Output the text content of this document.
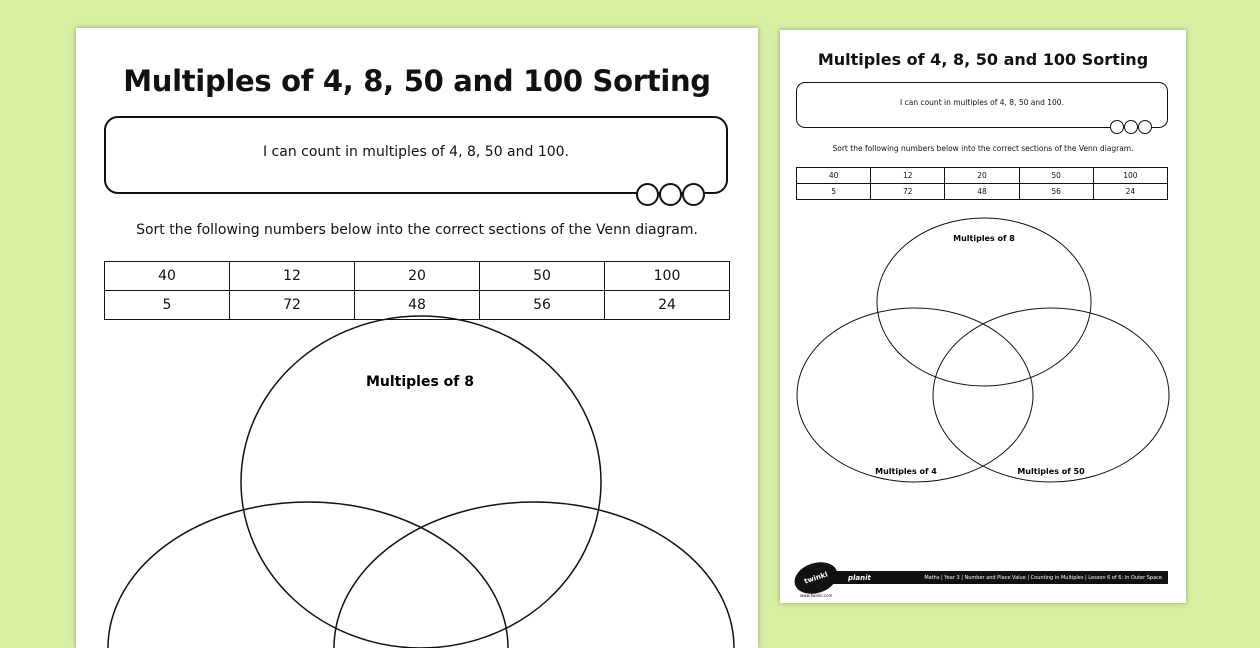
Multiples of 4, 8, 50 and 100 Sorting
I can count in multiples of 4, 8, 50 and 100.
Sort the following numbers below into the correct sections of the Venn diagram.
40	12	20	50	100
5	72	48	56	24
Multiples of 8
Multiples of 4, 8, 50 and 100 Sorting
I can count in multiples of 4, 8, 50 and 100.
Sort the following numbers below into the correct sections of the Venn diagram.
40	12	20	50	100
5	72	48	56	24
Multiples of 8
Multiples of 4	Multiples of 50
planit	Maths | Year 3 | Number and Place Value | Counting in Multiples | Lesson 6 of 6: In Outer Space
twinkl
www.twinkl.com
